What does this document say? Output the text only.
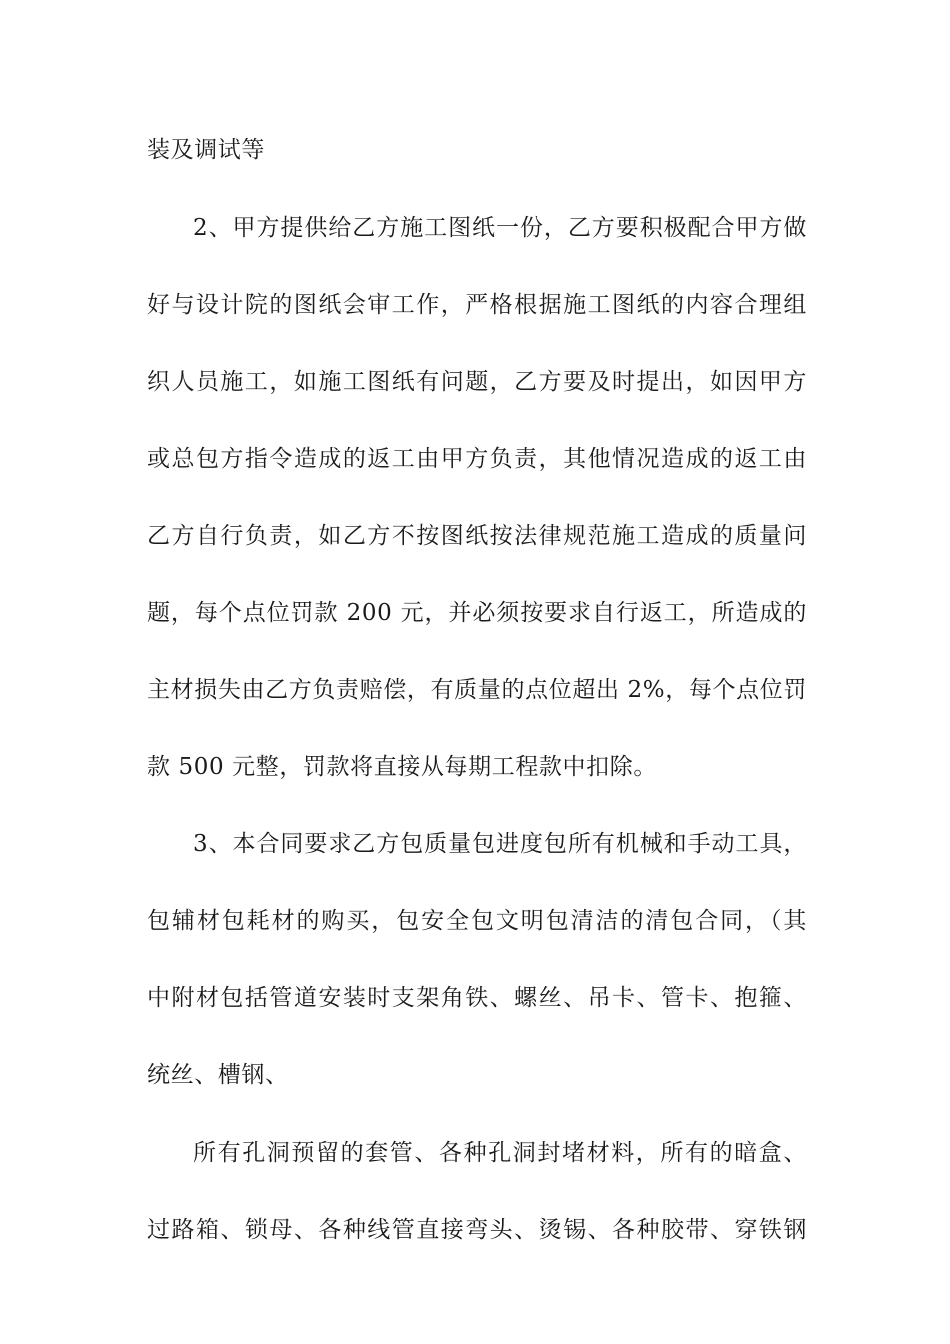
装及调试等
2、甲方提供给乙方施工图纸一份，乙方要积极配合甲方做
好与设计院的图纸会审工作，严格根据施工图纸的内容合理组
织人员施工，如施工图纸有问题，乙方要及时提出，如因甲方
或总包方指令造成的返工由甲方负责，其他情况造成的返工由
乙方自行负责，如乙方不按图纸按法律规范施工造成的质量问
题，每个点位罚款 200 元，并必须按要求自行返工，所造成的
主材损失由乙方负责赔偿，有质量的点位超出 2%，每个点位罚
款 500 元整，罚款将直接从每期工程款中扣除。
3、本合同要求乙方包质量包进度包所有机械和手动工具，
包辅材包耗材的购买，包安全包文明包清洁的清包合同，（其
中附材包括管道安装时支架角铁、螺丝、吊卡、管卡、抱箍、
统丝、槽钢、
所有孔洞预留的套管、各种孔洞封堵材料，所有的暗盒、
过路箱、锁母、各种线管直接弯头、烫锡、各种胶带、穿铁钢
